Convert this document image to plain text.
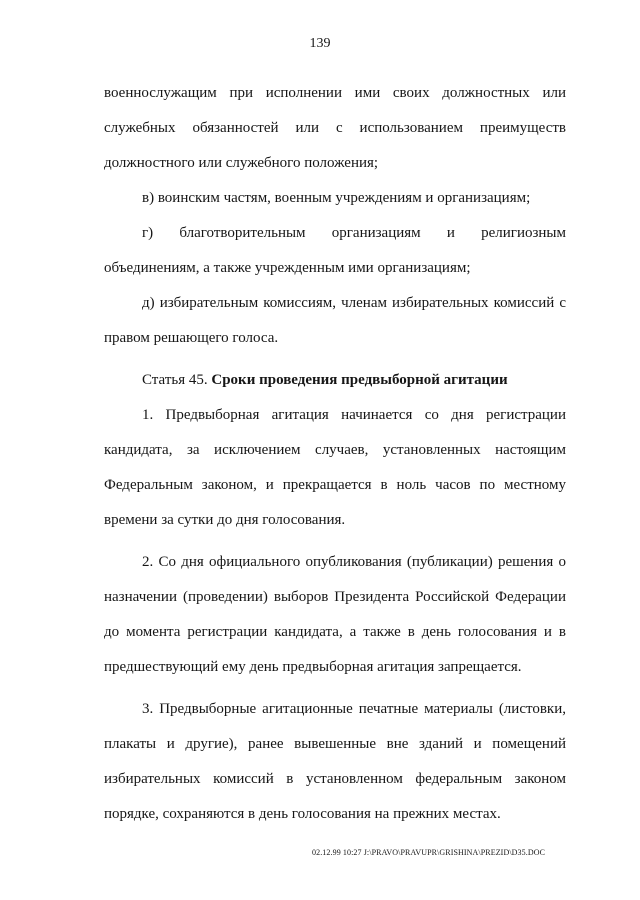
139
военнослужащим при исполнении ими своих должностных или
служебных обязанностей или с использованием преимуществ
должностного или служебного положения;
в) воинским частям, военным учреждениям и организациям;
г) благотворительным организациям и религиозным
объединениям, а также учрежденным ими организациям;
д) избирательным комиссиям, членам избирательных комиссий с
правом решающего голоса.
Статья 45. Сроки проведения предвыборной агитации
1. Предвыборная агитация начинается со дня регистрации
кандидата, за исключением случаев, установленных настоящим
Федеральным законом, и прекращается в ноль часов по местному
времени за сутки до дня голосования.
2. Со дня официального опубликования (публикации) решения о
назначении (проведении) выборов Президента Российской Федерации
до момента регистрации кандидата, а также в день голосования и в
предшествующий ему день предвыборная агитация запрещается.
3. Предвыборные агитационные печатные материалы (листовки,
плакаты и другие), ранее вывешенные вне зданий и помещений
избирательных комиссий в установленном федеральным законом
порядке, сохраняются в день голосования на прежних местах.
02.12.99 10:27 J:\PRAVO\PRAVUPR\GRISHINA\PREZID\D35.DOC
